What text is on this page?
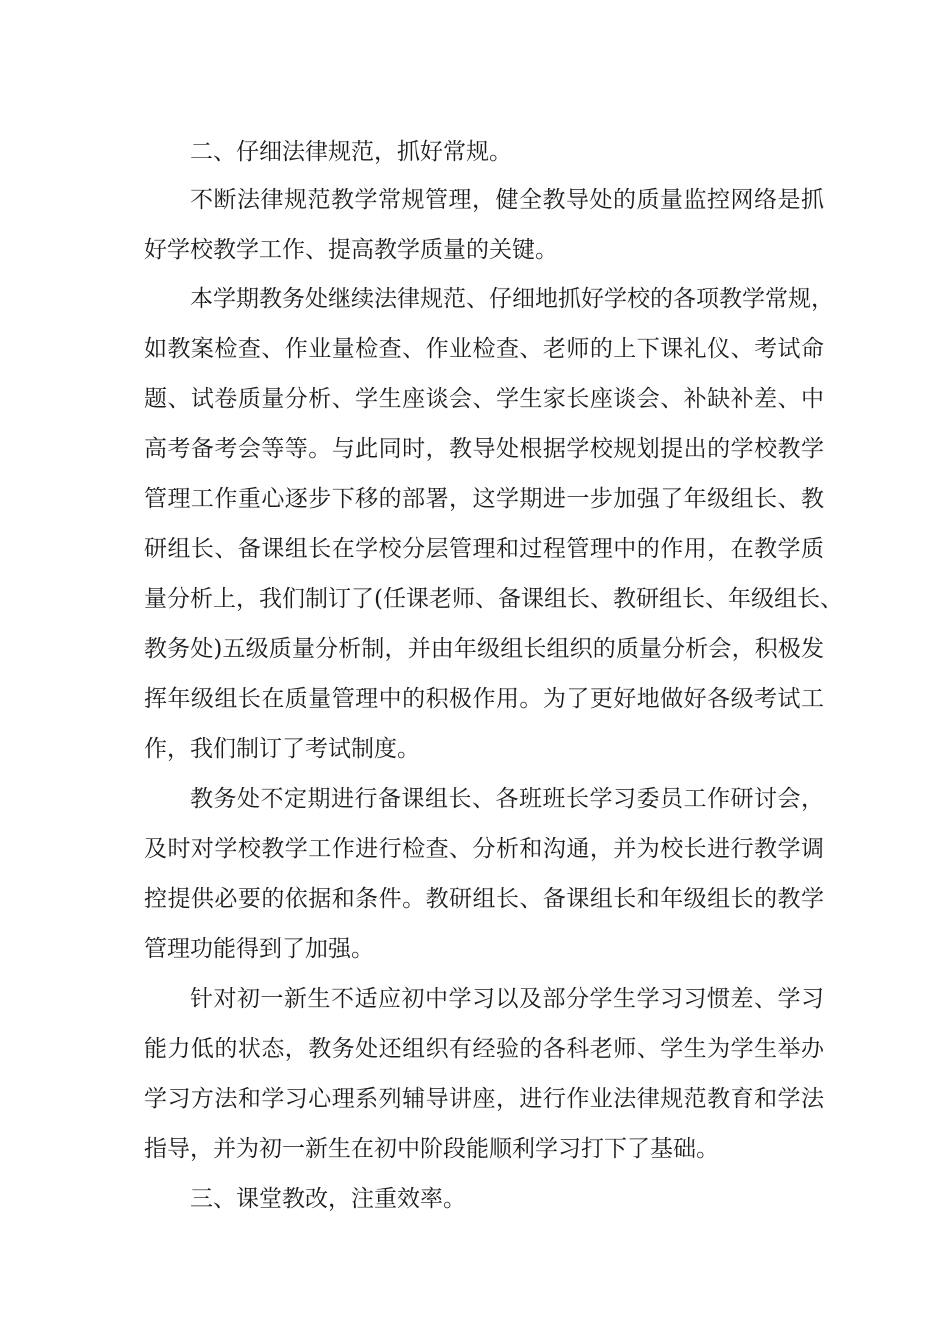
二、仔细法律规范，抓好常规。
不断法律规范教学常规管理，健全教导处的质量监控网络是抓
好学校教学工作、提高教学质量的关键。
本学期教务处继续法律规范、仔细地抓好学校的各项教学常规，
如教案检查、作业量检查、作业检查、老师的上下课礼仪、考试命
题、试卷质量分析、学生座谈会、学生家长座谈会、补缺补差、中
高考备考会等等。与此同时，教导处根据学校规划提出的学校教学
管理工作重心逐步下移的部署，这学期进一步加强了年级组长、教
研组长、备课组长在学校分层管理和过程管理中的作用，在教学质
量分析上，我们制订了(任课老师、备课组长、教研组长、年级组长、
教务处)五级质量分析制，并由年级组长组织的质量分析会，积极发
挥年级组长在质量管理中的积极作用。为了更好地做好各级考试工
作，我们制订了考试制度。
教务处不定期进行备课组长、各班班长学习委员工作研讨会，
及时对学校教学工作进行检查、分析和沟通，并为校长进行教学调
控提供必要的依据和条件。教研组长、备课组长和年级组长的教学
管理功能得到了加强。
针对初一新生不适应初中学习以及部分学生学习习惯差、学习
能力低的状态，教务处还组织有经验的各科老师、学生为学生举办
学习方法和学习心理系列辅导讲座，进行作业法律规范教育和学法
指导，并为初一新生在初中阶段能顺利学习打下了基础。
三、课堂教改，注重效率。
